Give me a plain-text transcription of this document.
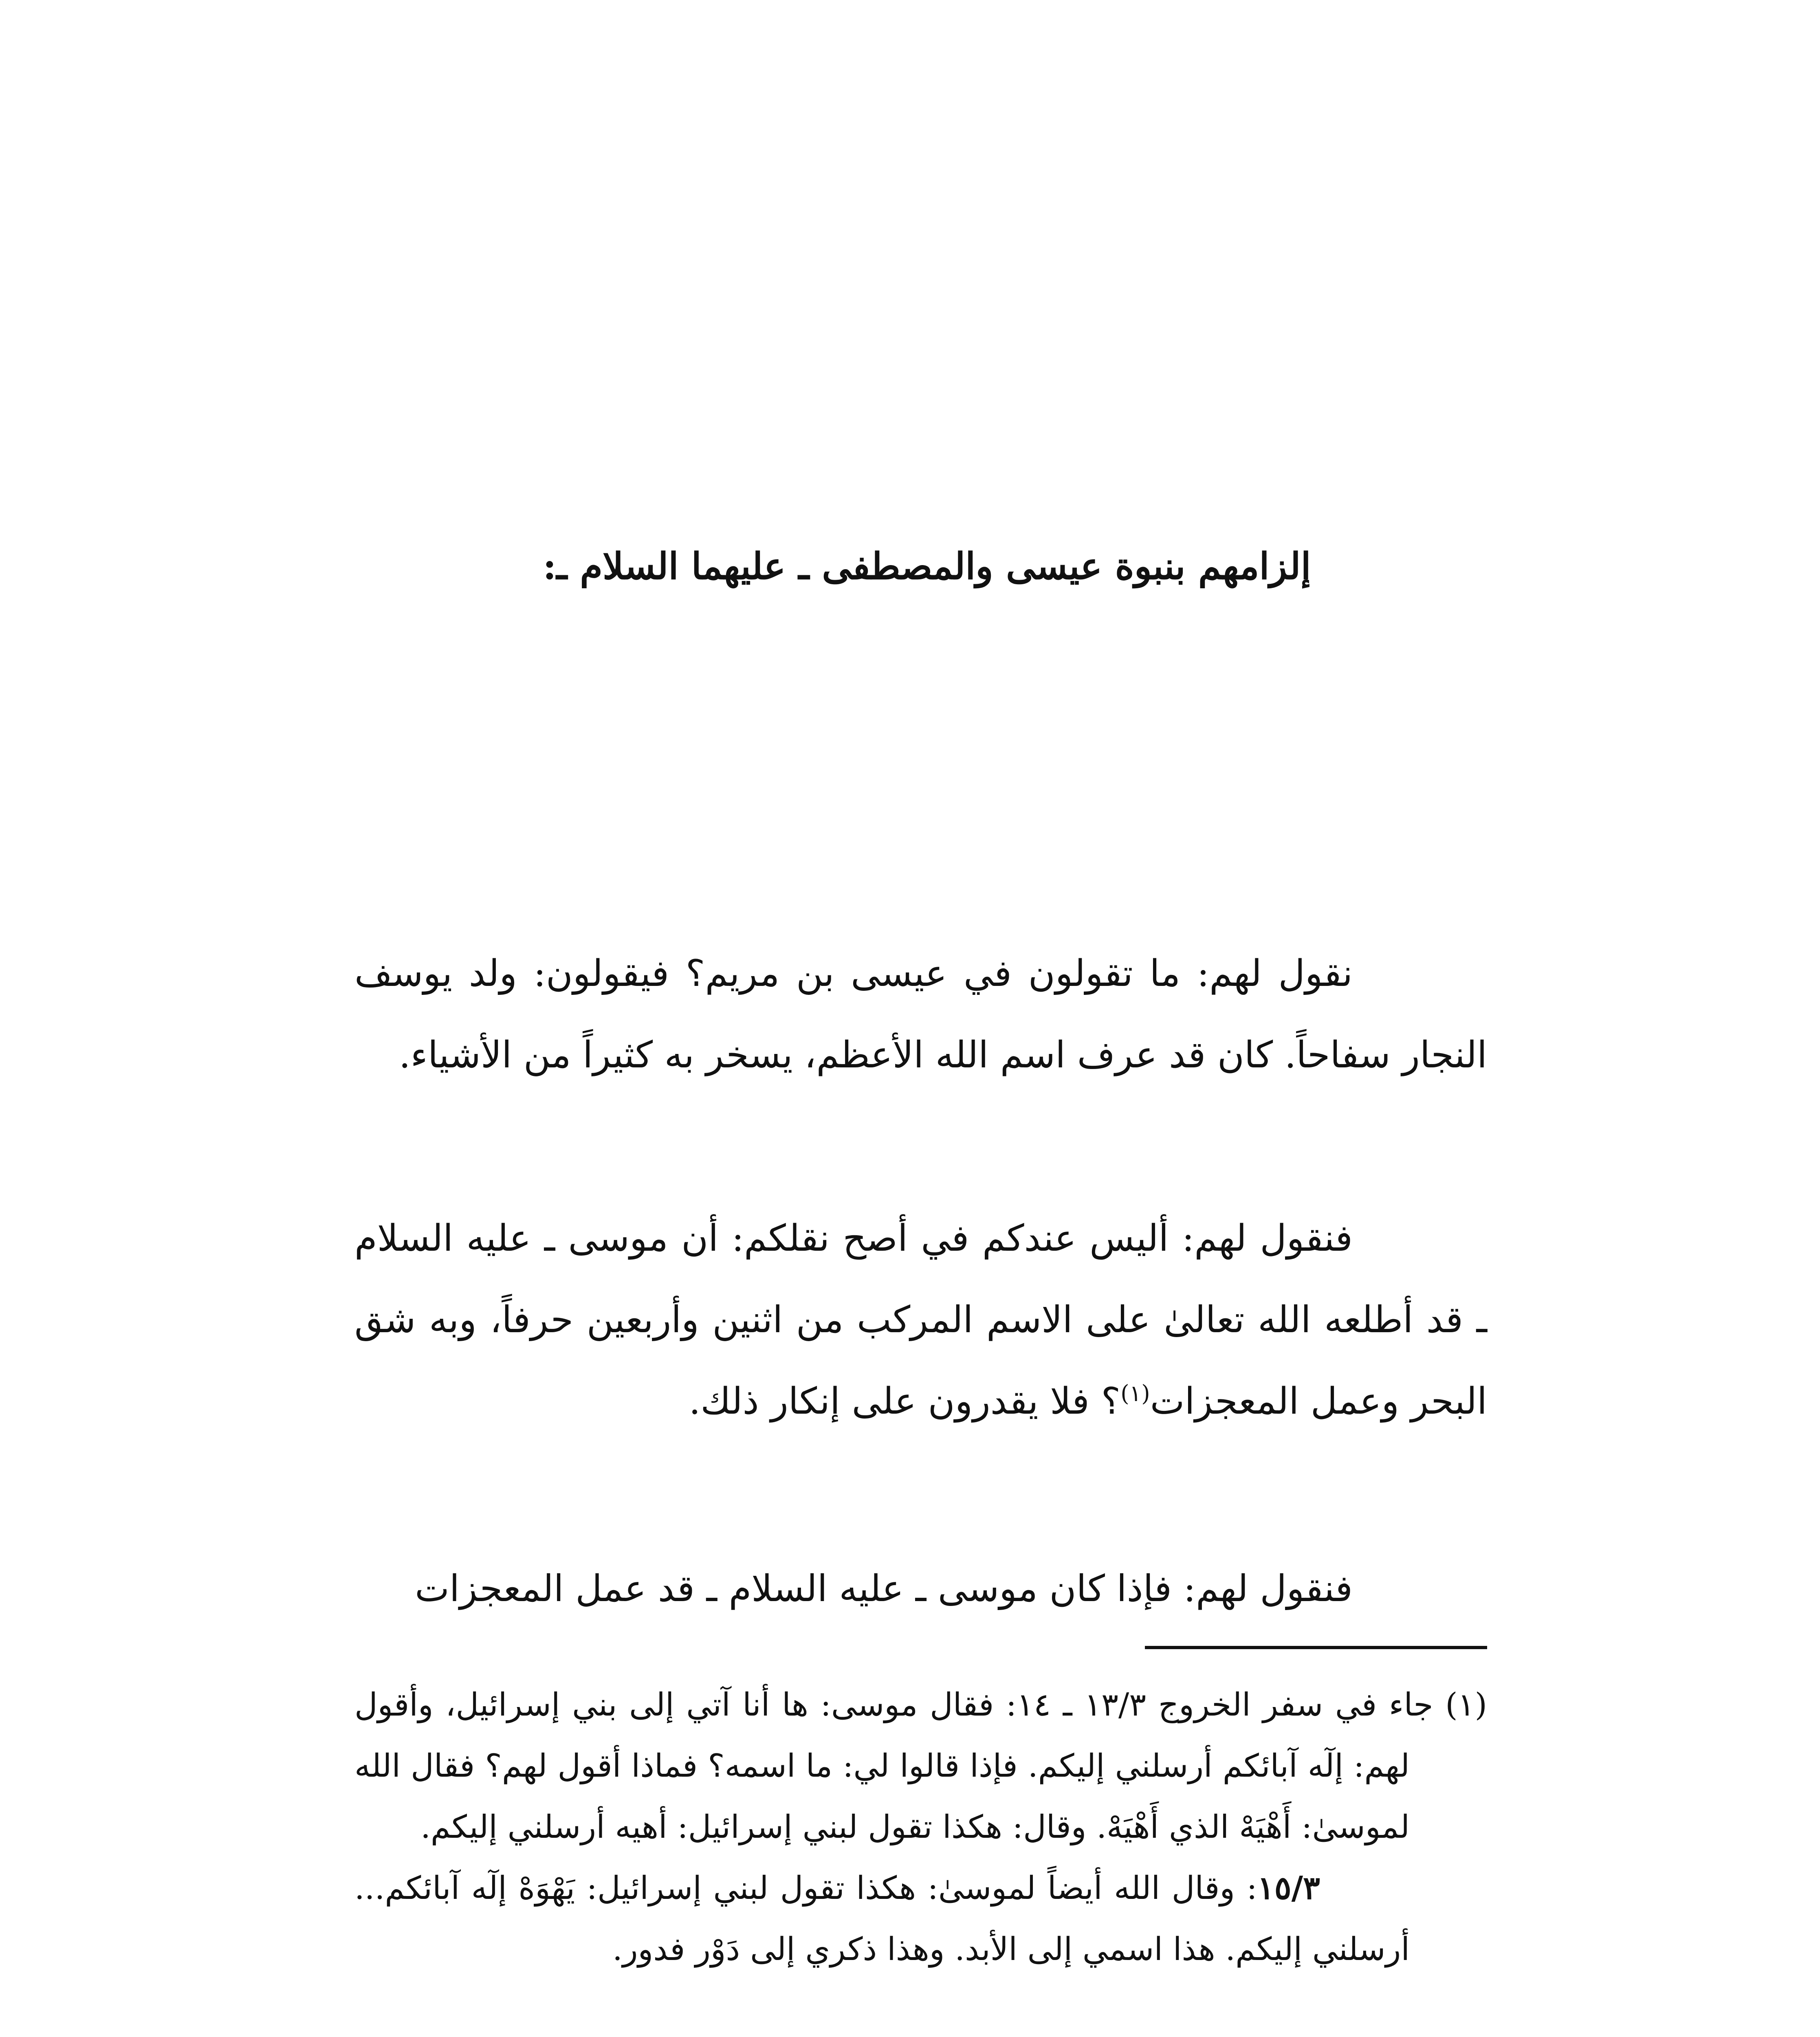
إلزامهم بنبوة عيسى والمصطفى ـ عليهما السلام ـ:

نقول لهم: ما تقولون في عيسى بن مريم؟ فيقولون: ولد يوسف النجار سفاحاً. كان قد عرف اسم الله الأعظم، يسخر به كثيراً من الأشياء.

فنقول لهم: أليس عندكم في أصح نقلكم: أن موسى ـ عليه السلام ـ قد أطلعه الله تعالىٰ على الاسم المركب من اثنين وأربعين حرفاً، وبه شق البحر وعمل المعجزات$^{(١)}$؟ فلا يقدرون على إنكار ذلك.

فنقول لهم: فإذا كان موسى ـ عليه السلام ـ قد عمل المعجزات

(١) جاء في سفر الخروج ١٣/٣ ـ ١٤: فقال موسى: ها أنا آتي إلى بني إسرائيل، وأقول لهم: إلٓه آبائكم أرسلني إليكم. فإذا قالوا لي: ما اسمه؟ فماذا أقول لهم؟ فقال الله لموسىٰ: أَهْيَهْ الذي أَهْيَهْ. وقال: هكذا تقول لبني إسرائيل: أهيه أرسلني إليكم.

١٥/٣: وقال الله أيضاً لموسىٰ: هكذا تقول لبني إسرائيل: يَهْوَهْ إلٓه آبائكم... أرسلني إليكم. هذا اسمي إلى الأبد. وهذا ذكري إلى دَوْر فدور.
